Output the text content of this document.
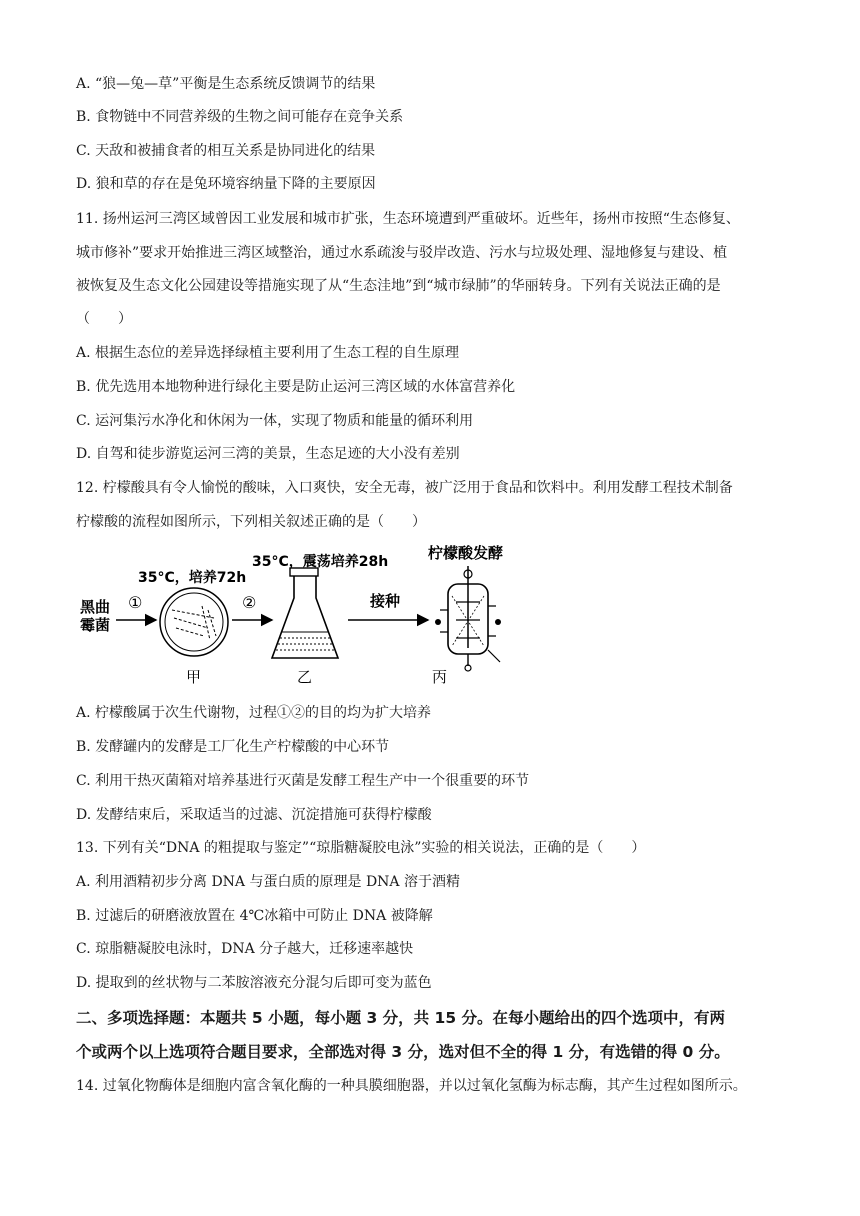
A. “狼—兔—草”平衡是生态系统反馈调节的结果
B. 食物链中不同营养级的生物之间可能存在竞争关系
C. 天敌和被捕食者的相互关系是协同进化的结果
D. 狼和草的存在是兔环境容纳量下降的主要原因
11. 扬州运河三湾区域曾因工业发展和城市扩张，生态环境遭到严重破坏。近些年，扬州市按照“生态修复、
城市修补”要求开始推进三湾区域整治，通过水系疏浚与驳岸改造、污水与垃圾处理、湿地修复与建设、植
被恢复及生态文化公园建设等措施实现了从“生态洼地”到“城市绿肺”的华丽转身。下列有关说法正确的是
（　　）
A. 根据生态位的差异选择绿植主要利用了生态工程的自生原理
B. 优先选用本地物种进行绿化主要是防止运河三湾区域的水体富营养化
C. 运河集污水净化和休闲为一体，实现了物质和能量的循环利用
D. 自驾和徒步游览运河三湾的美景，生态足迹的大小没有差别
12. 柠檬酸具有令人愉悦的酸味，入口爽快，安全无毒，被广泛用于食品和饮料中。利用发酵工程技术制备
柠檬酸的流程如图所示，下列相关叙述正确的是（　　）
黑曲
霉菌
①
35°C，培养72h
②
35°C，震荡培养28h
接种
柠檬酸发酵
甲	乙	丙
A. 柠檬酸属于次生代谢物，过程①②的目的均为扩大培养
B. 发酵罐内的发酵是工厂化生产柠檬酸的中心环节
C. 利用干热灭菌箱对培养基进行灭菌是发酵工程生产中一个很重要的环节
D. 发酵结束后，采取适当的过滤、沉淀措施可获得柠檬酸
13. 下列有关“DNA 的粗提取与鉴定”“琼脂糖凝胶电泳”实验的相关说法，正确的是（　　）
A. 利用酒精初步分离 DNA 与蛋白质的原理是 DNA 溶于酒精
B. 过滤后的研磨液放置在 4℃冰箱中可防止 DNA 被降解
C. 琼脂糖凝胶电泳时，DNA 分子越大，迁移速率越快
D. 提取到的丝状物与二苯胺溶液充分混匀后即可变为蓝色
二、多项选择题：本题共 5 小题，每小题 3 分，共 15 分。在每小题给出的四个选项中，有两
个或两个以上选项符合题目要求，全部选对得 3 分，选对但不全的得 1 分，有选错的得 0 分。
14. 过氧化物酶体是细胞内富含氧化酶的一种具膜细胞器，并以过氧化氢酶为标志酶，其产生过程如图所示。
